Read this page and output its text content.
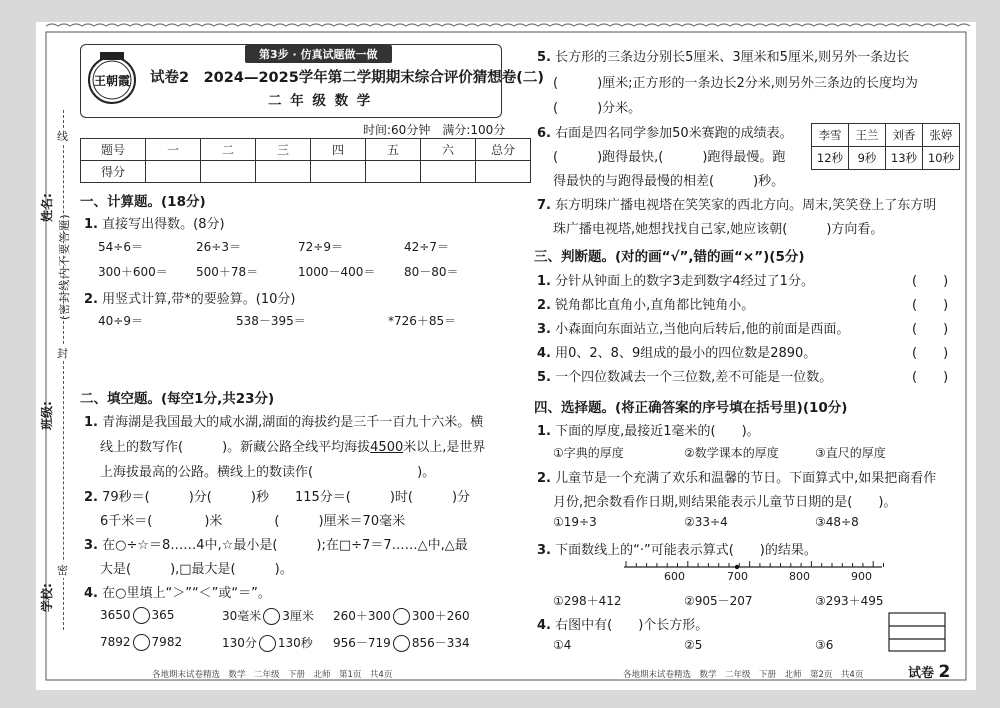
姓名:
班级:
学校:
(密封线内不要答题)
线
封
密
王朝霞
第3步 · 仿真试题做一做
试卷2　2024—2025学年第二学期期末综合评价猜想卷(二)
二 年 级 数 学
时间:60分钟　满分:100分
题号	一	二	三	四	五	六	总分
得分							
一、计算题。(18分)
1. 直接写出得数。(8分)
54÷6＝	26÷3＝	72÷9＝	42÷7＝
300＋600＝ 500＋78＝	1000－400＝ 80－80＝
2. 用竖式计算,带*的要验算。(10分)
40÷9＝	538－395＝	*726＋85＝
二、填空题。(每空1分,共23分)
1. 青海湖是我国最大的咸水湖,湖面的海拔约是三千一百九十六米。横
线上的数写作(　　　)。新藏公路全线平均海拔4500米以上,是世界
上海拔最高的公路。横线上的数读作(　　　　　　　　)。
2. 79秒＝(　　　)分(　　　)秒　　115分＝(　　　)时(　　　)分
6千米＝(　　　　)米　　　　(　　　)厘米＝70毫米
3. 在○÷☆＝8……4中,☆最小是(　　　);在□÷7＝7……△中,△最
大是(　　　),□最大是(　　　)。
4. 在○里填上“＞”“＜”或“＝”。
3650 365	30毫米 3厘米 260＋300 300＋260
7892 7982	130分 130秒 956－719 856－334
各地期末试卷精选　数学　二年级　下册　北师　第1页　共4页
5. 长方形的三条边分别长5厘米、3厘米和5厘米,则另外一条边长
(　　　)厘米;正方形的一条边长2分米,则另外三条边的长度均为
(　　　)分米。
6. 右面是四名同学参加50米赛跑的成绩表。
(　　　)跑得最快,(　　　)跑得最慢。跑
得最快的与跑得最慢的相差(　　　)秒。
李雪	王兰	刘香	张婷
12秒	9秒	13秒	10秒
7. 东方明珠广播电视塔在笑笑家的西北方向。周末,笑笑登上了东方明
珠广播电视塔,她想找找自己家,她应该朝(　　　)方向看。
三、判断题。(对的画“√”,错的画“×”)(5分)
1. 分针从钟面上的数字3走到数字4经过了1分。
2. 锐角都比直角小,直角都比钝角小。
3. 小森面向东面站立,当他向后转后,他的前面是西面。
4. 用0、2、8、9组成的最小的四位数是2890。
5. 一个四位数减去一个三位数,差不可能是一位数。
(　　)
(　　)
(　　)
(　　)
(　　)
四、选择题。(将正确答案的序号填在括号里)(10分)
1. 下面的厚度,最接近1毫米的(　　)。
①字典的厚度	②数学课本的厚度	③直尺的厚度
2. 儿童节是一个充满了欢乐和温馨的节日。下面算式中,如果把商看作
月份,把余数看作日期,则结果能表示儿童节日期的是(　　)。
①19÷3	②33÷4	③48÷8
3. 下面数线上的“·”可能表示算式(　　)的结果。
600	700	800	900
①298＋412	②905－207	③293＋495
4. 右图中有(　　)个长方形。
①4	②5	③6
各地期末试卷精选　数学　二年级　下册　北师　第2页　共4页	试卷 2
